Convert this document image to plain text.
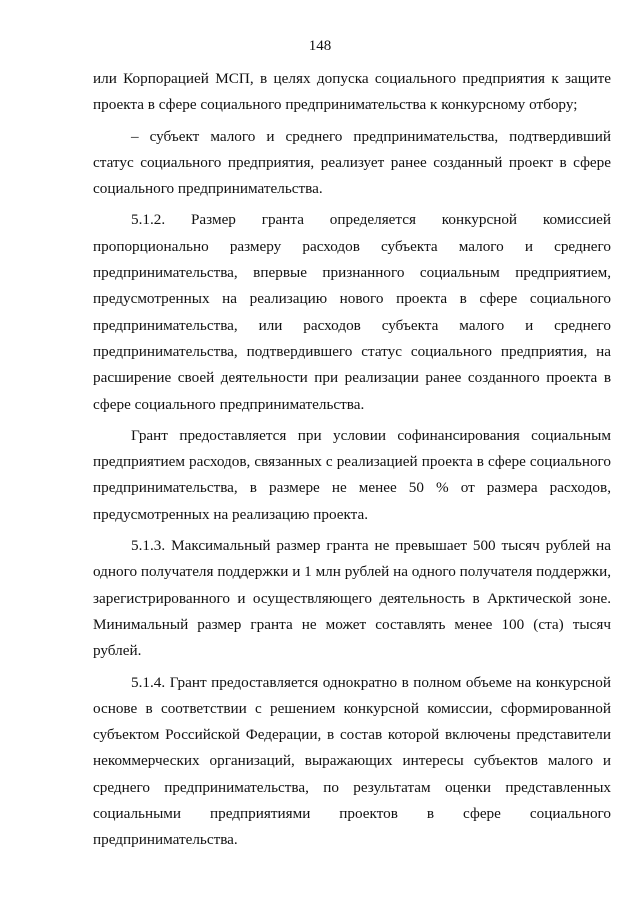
148

или Корпорацией МСП, в целях допуска социального предприятия к защите проекта в сфере социального предпринимательства к конкурсному отбору;

– субъект малого и среднего предпринимательства, подтвердивший статус социального предприятия, реализует ранее созданный проект в сфере социального предпринимательства.

5.1.2. Размер гранта определяется конкурсной комиссией пропорционально размеру расходов субъекта малого и среднего предпринимательства, впервые признанного социальным предприятием, предусмотренных на реализацию нового проекта в сфере социального предпринимательства, или расходов субъекта малого и среднего предпринимательства, подтвердившего статус социального предприятия, на расширение своей деятельности при реализации ранее созданного проекта в сфере социального предпринимательства.

Грант предоставляется при условии софинансирования социальным предприятием расходов, связанных с реализацией проекта в сфере социального предпринимательства, в размере не менее 50 % от размера расходов, предусмотренных на реализацию проекта.

5.1.3. Максимальный размер гранта не превышает 500 тысяч рублей на одного получателя поддержки и 1 млн рублей на одного получателя поддержки, зарегистрированного и осуществляющего деятельность в Арктической зоне. Минимальный размер гранта не может составлять менее 100 (ста) тысяч рублей.

5.1.4. Грант предоставляется однократно в полном объеме на конкурсной основе в соответствии с решением конкурсной комиссии, сформированной субъектом Российской Федерации, в состав которой включены представители некоммерческих организаций, выражающих интересы субъектов малого и среднего предпринимательства, по результатам оценки представленных социальными предприятиями проектов в сфере социального предпринимательства.
